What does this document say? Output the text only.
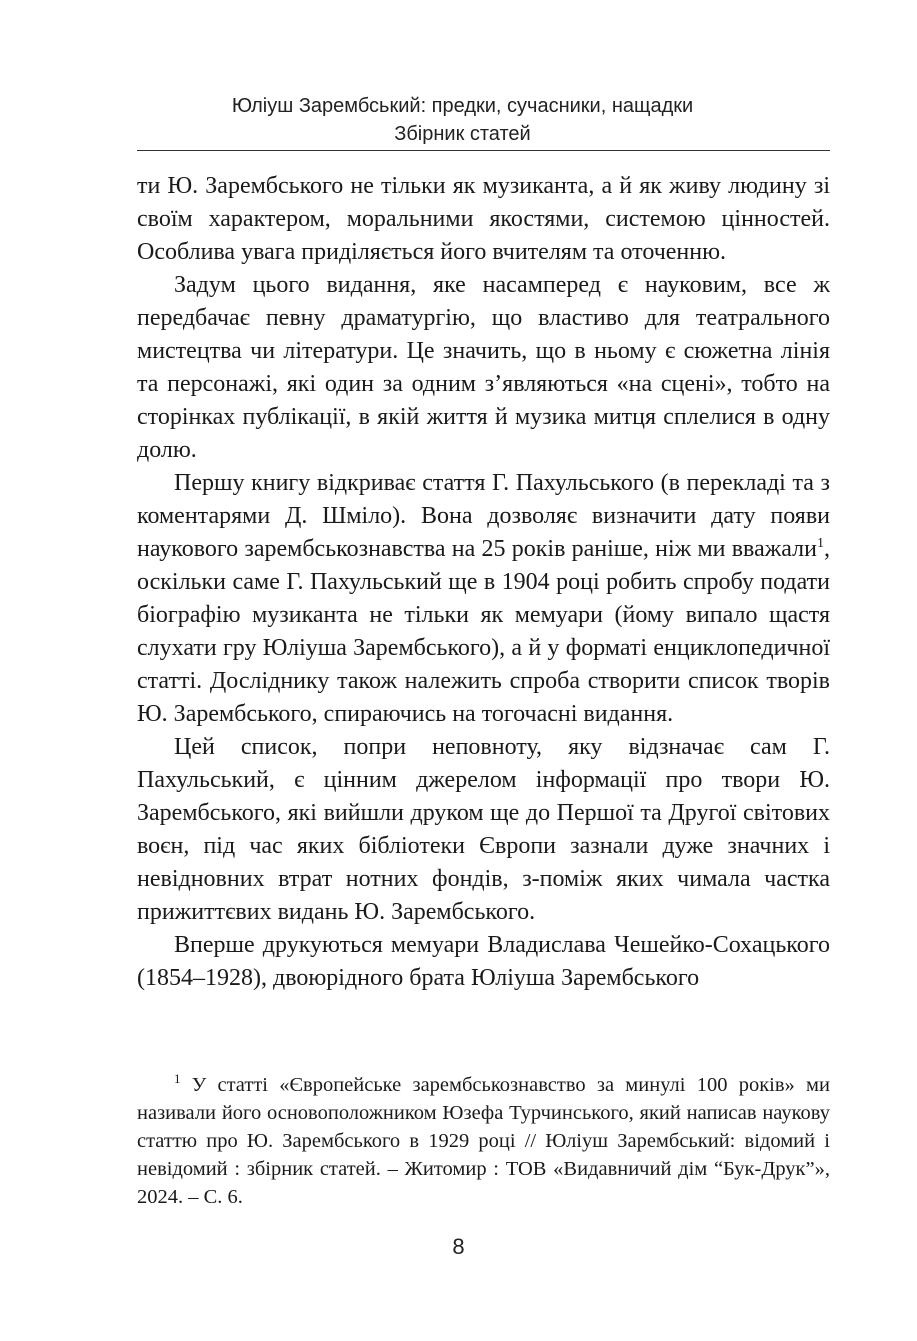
Юліуш Зарембський: предки, сучасники, нащадки
Збірник статей

ти Ю. Зарембського не тільки як музиканта, а й як живу людину зі своїм характером, моральними якостями, системою цінностей. Особлива увага приділяється його вчителям та оточенню.

Задум цього видання, яке насамперед є науковим, все ж передбачає певну драматургію, що властиво для театрального мистецтва чи літератури. Це значить, що в ньому є сюжетна лінія та персонажі, які один за одним з’являються «на сцені», тобто на сторінках публікації, в якій життя й музика митця сплелися в одну долю.

Першу книгу відкриває стаття Г. Пахульського (в перекладі та з коментарями Д. Шміло). Вона дозволяє визначити дату появи наукового зарембськознавства на 25 років раніше, ніж ми вважали$^1$, оскільки саме Г. Пахульський ще в 1904 році робить спробу подати біографію музиканта не тільки як мемуари (йому випало щастя слухати гру Юліуша Зарембського), а й у форматі енциклопедичної статті. Дослiднику також належить спроба створити список творів Ю. Зарембського, спираючись на тогочасні видання.

Цей список, попри неповноту, яку відзначає сам Г. Пахульський, є цінним джерелом інформації про твори Ю. Зарембського, які вийшли друком ще до Першої та Другої світових воєн, під час яких бібліотеки Європи зазнали дуже значних і невідновних втрат нотних фондів, з-поміж яких чимала частка прижиттєвих видань Ю. Зарембського.

Вперше друкуються мемуари Владислава Чешейко-Сохацького (1854–1928), двоюрідного брата Юліуша Зарембського

$^1$ У статті «Європейське зарембськознавство за минулі 100 років» ми називали його основоположником Юзефа Турчинського, який написав наукову статтю про Ю. Зарембського в 1929 році // Юліуш Зарембський: відомий і невідомий : збірник статей. – Житомир : ТОВ «Видавничий дім “Бук-Друк”», 2024. – С. 6.

8
